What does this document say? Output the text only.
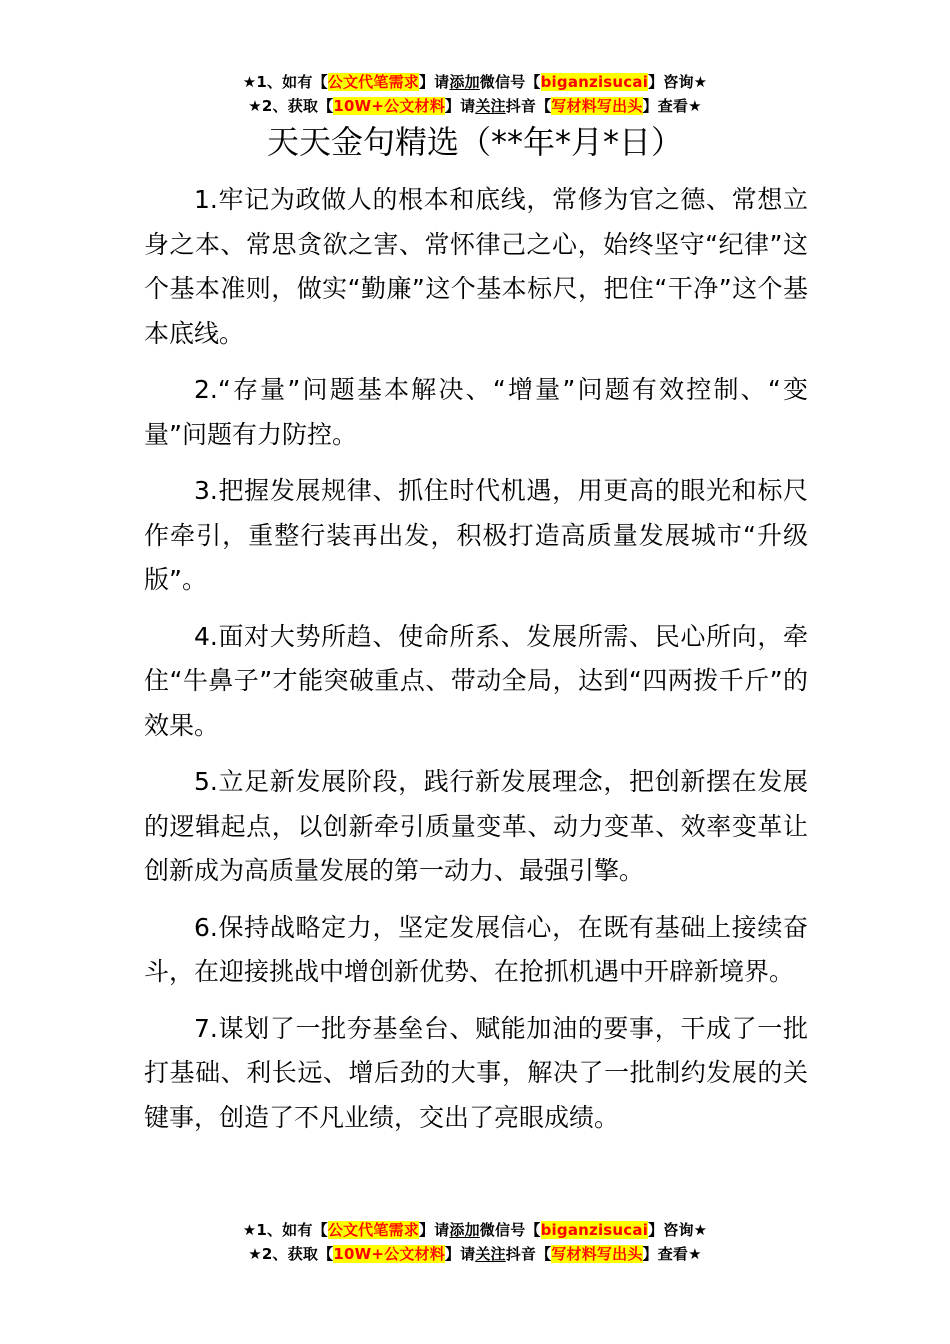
★1、如有【公文代笔需求】请添加微信号【biganzisucai】咨询★
★2、获取【10W+公文材料】请关注抖音【写材料写出头】查看★
天天金句精选（**年*月*日）

1.牢记为政做人的根本和底线，常修为官之德、常想立身之本、常思贪欲之害、常怀律己之心，始终坚守“纪律”这个基本准则，做实“勤廉”这个基本标尺，把住“干净”这个基本底线。

2.“存量”问题基本解决、“增量”问题有效控制、“变量”问题有力防控。

3.把握发展规律、抓住时代机遇，用更高的眼光和标尺作牵引，重整行装再出发，积极打造高质量发展城市“升级版”。

4.面对大势所趋、使命所系、发展所需、民心所向，牵住“牛鼻子”才能突破重点、带动全局，达到“四两拨千斤”的效果。

5.立足新发展阶段，践行新发展理念，把创新摆在发展的逻辑起点，以创新牵引质量变革、动力变革、效率变革让创新成为高质量发展的第一动力、最强引擎。

6.保持战略定力，坚定发展信心，在既有基础上接续奋斗，在迎接挑战中增创新优势、在抢抓机遇中开辟新境界。

7.谋划了一批夯基垒台、赋能加油的要事，干成了一批打基础、利长远、增后劲的大事，解决了一批制约发展的关键事，创造了不凡业绩，交出了亮眼成绩。

★1、如有【公文代笔需求】请添加微信号【biganzisucai】咨询★
★2、获取【10W+公文材料】请关注抖音【写材料写出头】查看★
